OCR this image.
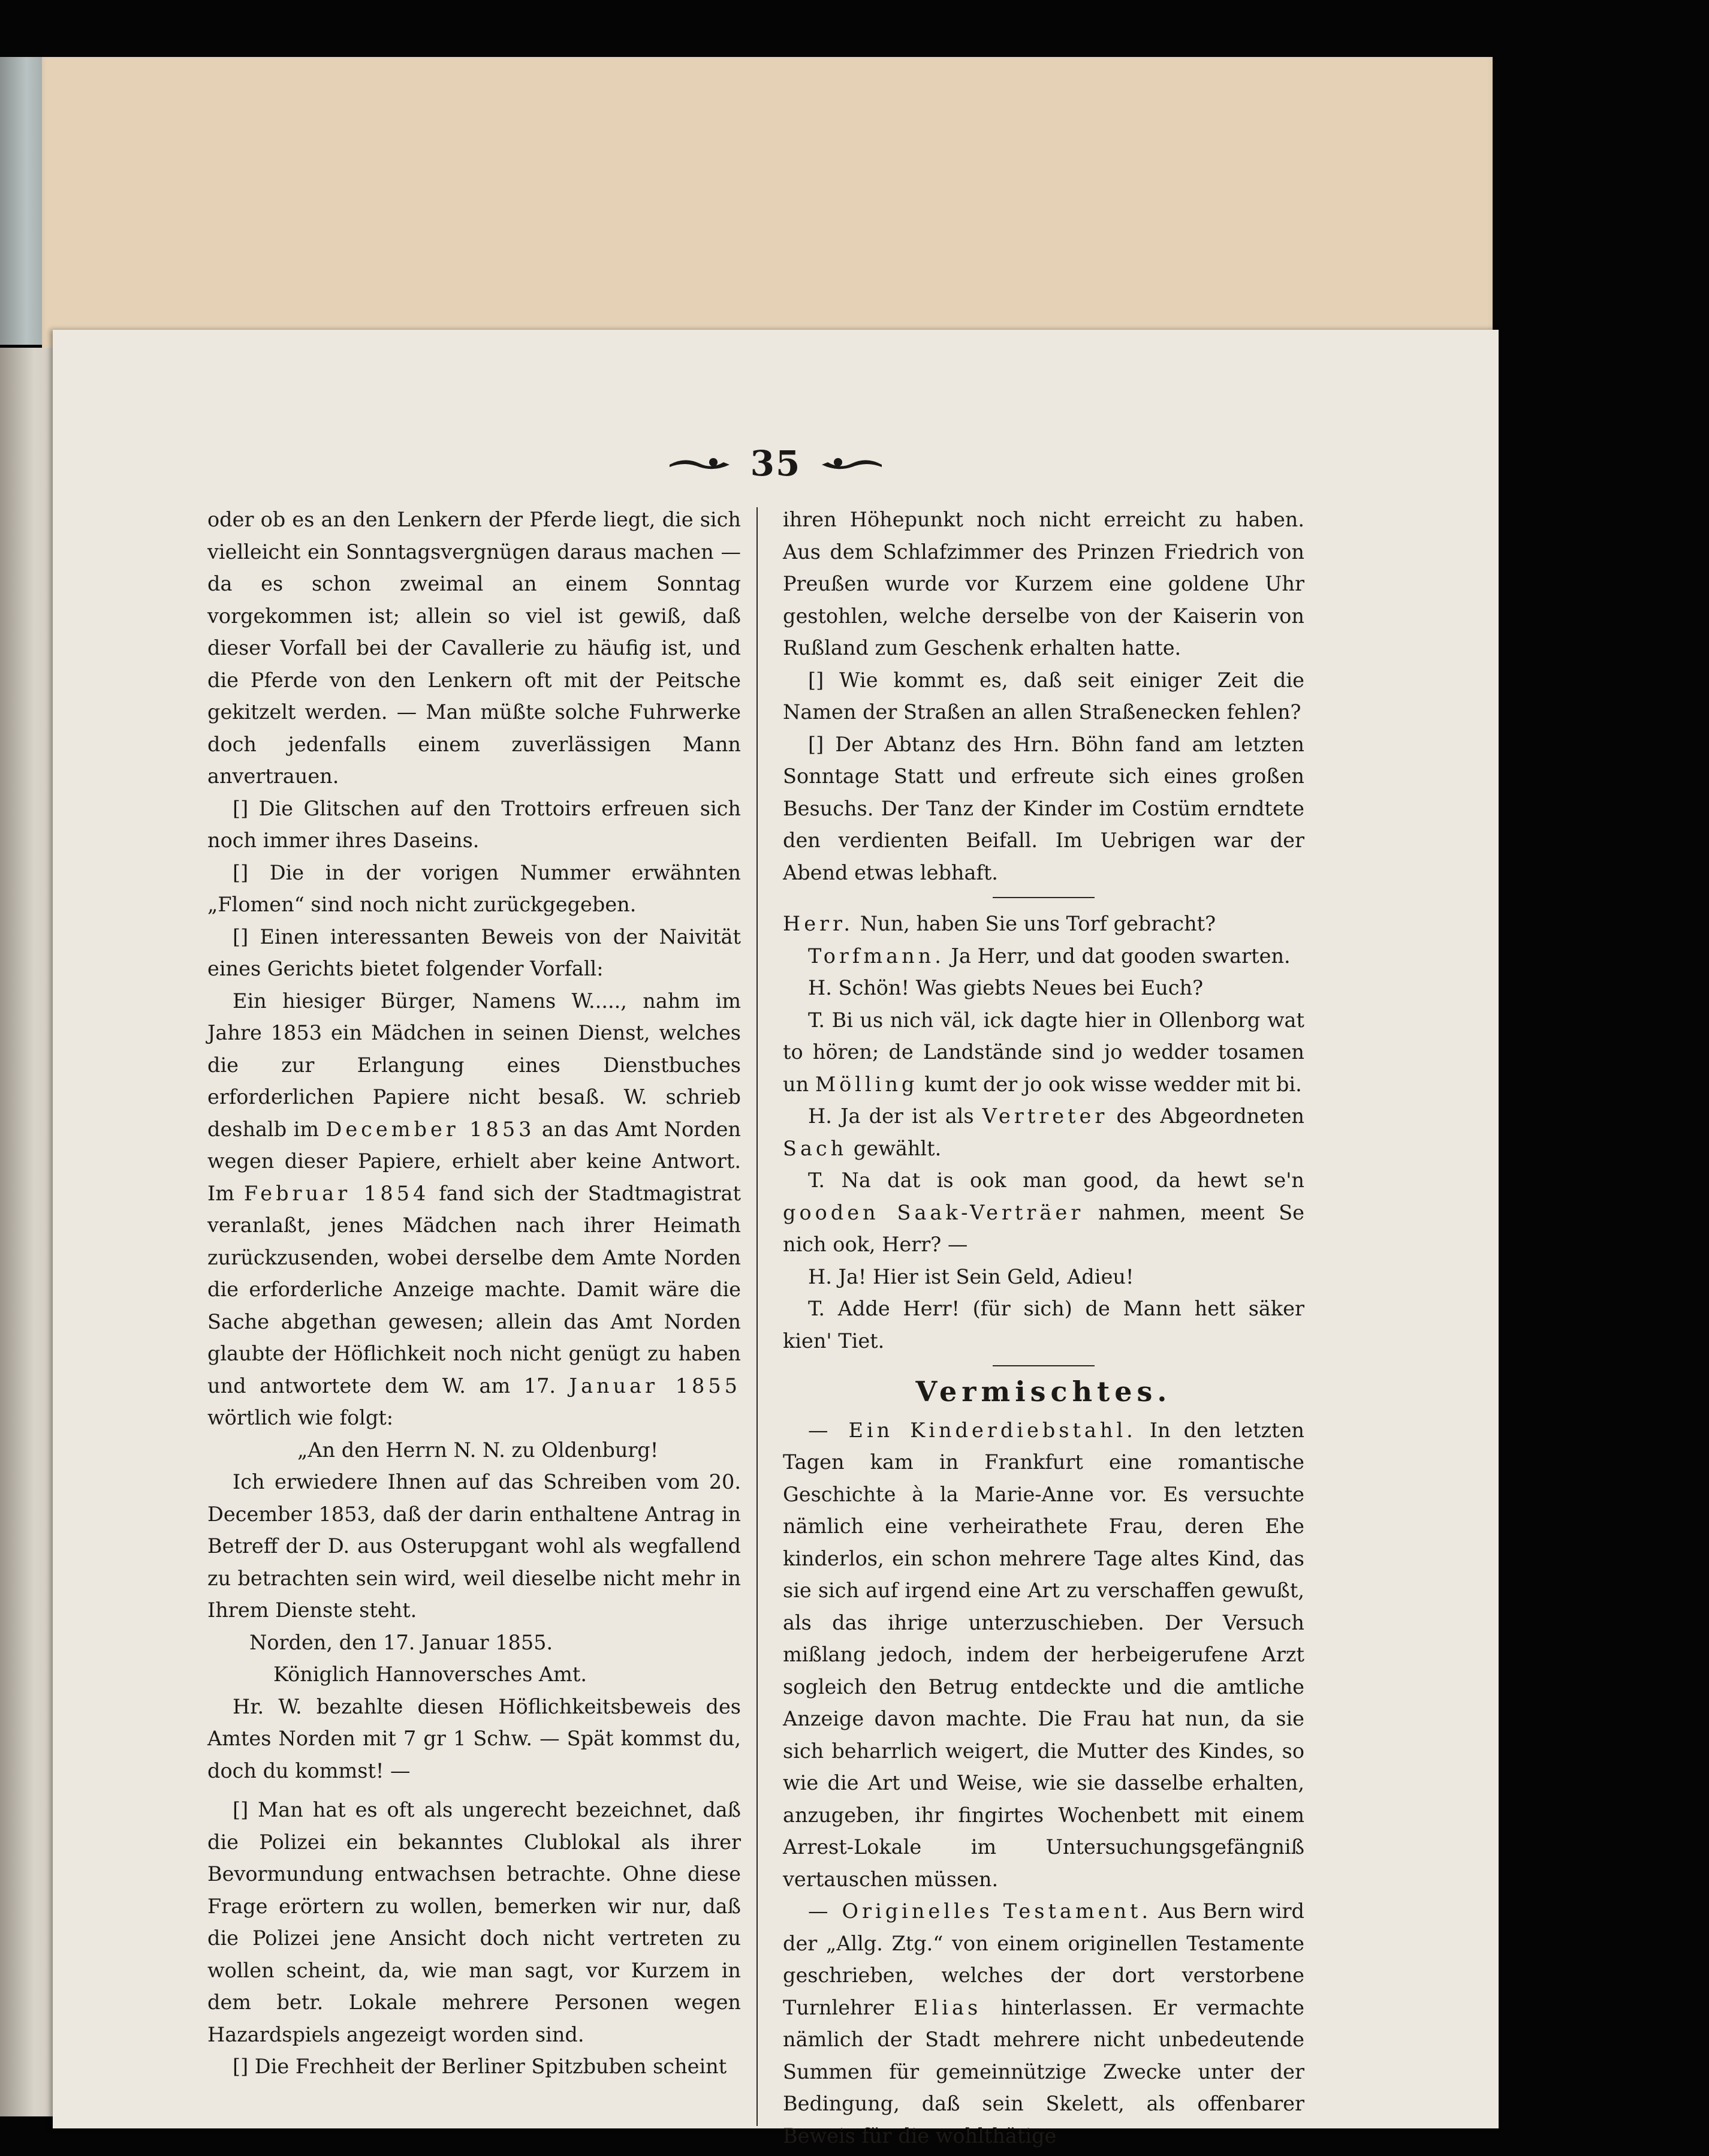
35

oder ob es an den Lenkern der Pferde liegt, die sich vielleicht ein Sonntagsvergnügen daraus machen — da es schon zweimal an einem Sonntag vorgekommen ist; allein so viel ist gewiß, daß dieser Vorfall bei der Cavallerie zu häufig ist, und die Pferde von den Lenkern oft mit der Peitsche gekitzelt werden. — Man müßte solche Fuhrwerke doch jedenfalls einem zuverlässigen Mann anvertrauen.

[] Die Glitschen auf den Trottoirs erfreuen sich noch immer ihres Daseins.

[] Die in der vorigen Nummer erwähnten „Flomen“ sind noch nicht zurückgegeben.

[] Einen interessanten Beweis von der Naivität eines Gerichts bietet folgender Vorfall:

Ein hiesiger Bürger, Namens W....., nahm im Jahre 1853 ein Mädchen in seinen Dienst, welches die zur Erlangung eines Dienstbuches erforderlichen Papiere nicht besaß. W. schrieb deshalb im December 1853 an das Amt Norden wegen dieser Papiere, erhielt aber keine Antwort. Im Februar 1854 fand sich der Stadtmagistrat veranlaßt, jenes Mädchen nach ihrer Heimath zurückzusenden, wobei derselbe dem Amte Norden die erforderliche Anzeige machte. Damit wäre die Sache abgethan gewesen; allein das Amt Norden glaubte der Höflichkeit noch nicht genügt zu haben und antwortete dem W. am 17. Januar 1855 wörtlich wie folgt:

„An den Herrn N. N. zu Oldenburg!

Ich erwiedere Ihnen auf das Schreiben vom 20. December 1853, daß der darin enthaltene Antrag in Betreff der D. aus Osterupgant wohl als wegfallend zu betrachten sein wird, weil dieselbe nicht mehr in Ihrem Dienste steht.

Norden, den 17. Januar 1855.

Königlich Hannoversches Amt.

Hr. W. bezahlte diesen Höflichkeitsbeweis des Amtes Norden mit 7 gr 1 Schw. — Spät kommst du, doch du kommst! —

[] Man hat es oft als ungerecht bezeichnet, daß die Polizei ein bekanntes Clublokal als ihrer Bevormundung entwachsen betrachte. Ohne diese Frage erörtern zu wollen, bemerken wir nur, daß die Polizei jene Ansicht doch nicht vertreten zu wollen scheint, da, wie man sagt, vor Kurzem in dem betr. Lokale mehrere Personen wegen Hazardspiels angezeigt worden sind.

[] Die Frechheit der Berliner Spitzbuben scheint

ihren Höhepunkt noch nicht erreicht zu haben. Aus dem Schlafzimmer des Prinzen Friedrich von Preußen wurde vor Kurzem eine goldene Uhr gestohlen, welche derselbe von der Kaiserin von Rußland zum Geschenk erhalten hatte.

[] Wie kommt es, daß seit einiger Zeit die Namen der Straßen an allen Straßenecken fehlen?

[] Der Abtanz des Hrn. Böhn fand am letzten Sonntage Statt und erfreute sich eines großen Besuchs. Der Tanz der Kinder im Costüm erndtete den verdienten Beifall. Im Uebrigen war der Abend etwas lebhaft.

Herr. Nun, haben Sie uns Torf gebracht?

Torfmann. Ja Herr, und dat gooden swarten.

H. Schön! Was giebts Neues bei Euch?

T. Bi us nich väl, ick dagte hier in Ollenborg wat to hören; de Landstände sind jo wedder tosamen un Mölling kumt der jo ook wisse wedder mit bi.

H. Ja der ist als Vertreter des Abgeordneten Sach gewählt.

T. Na dat is ook man good, da hewt se'n gooden Saak-Verträer nahmen, meent Se nich ook, Herr? —

H. Ja! Hier ist Sein Geld, Adieu!

T. Adde Herr! (für sich) de Mann hett säker kien' Tiet.

Vermischtes.

— Ein Kinderdiebstahl. In den letzten Tagen kam in Frankfurt eine romantische Geschichte à la Marie-Anne vor. Es versuchte nämlich eine verheirathete Frau, deren Ehe kinderlos, ein schon mehrere Tage altes Kind, das sie sich auf irgend eine Art zu verschaffen gewußt, als das ihrige unterzuschieben. Der Versuch mißlang jedoch, indem der herbeigerufene Arzt sogleich den Betrug entdeckte und die amtliche Anzeige davon machte. Die Frau hat nun, da sie sich beharrlich weigert, die Mutter des Kindes, so wie die Art und Weise, wie sie dasselbe erhalten, anzugeben, ihr fingirtes Wochenbett mit einem Arrest-Lokale im Untersuchungsgefängniß vertauschen müssen.

— Originelles Testament. Aus Bern wird der „Allg. Ztg.“ von einem originellen Testamente geschrieben, welches der dort verstorbene Turnlehrer Elias hinterlassen. Er vermachte nämlich der Stadt mehrere nicht unbedeutende Summen für gemeinnützige Zwecke unter der Bedingung, daß sein Skelett, als offenbarer Beweis für die wohlthätige
